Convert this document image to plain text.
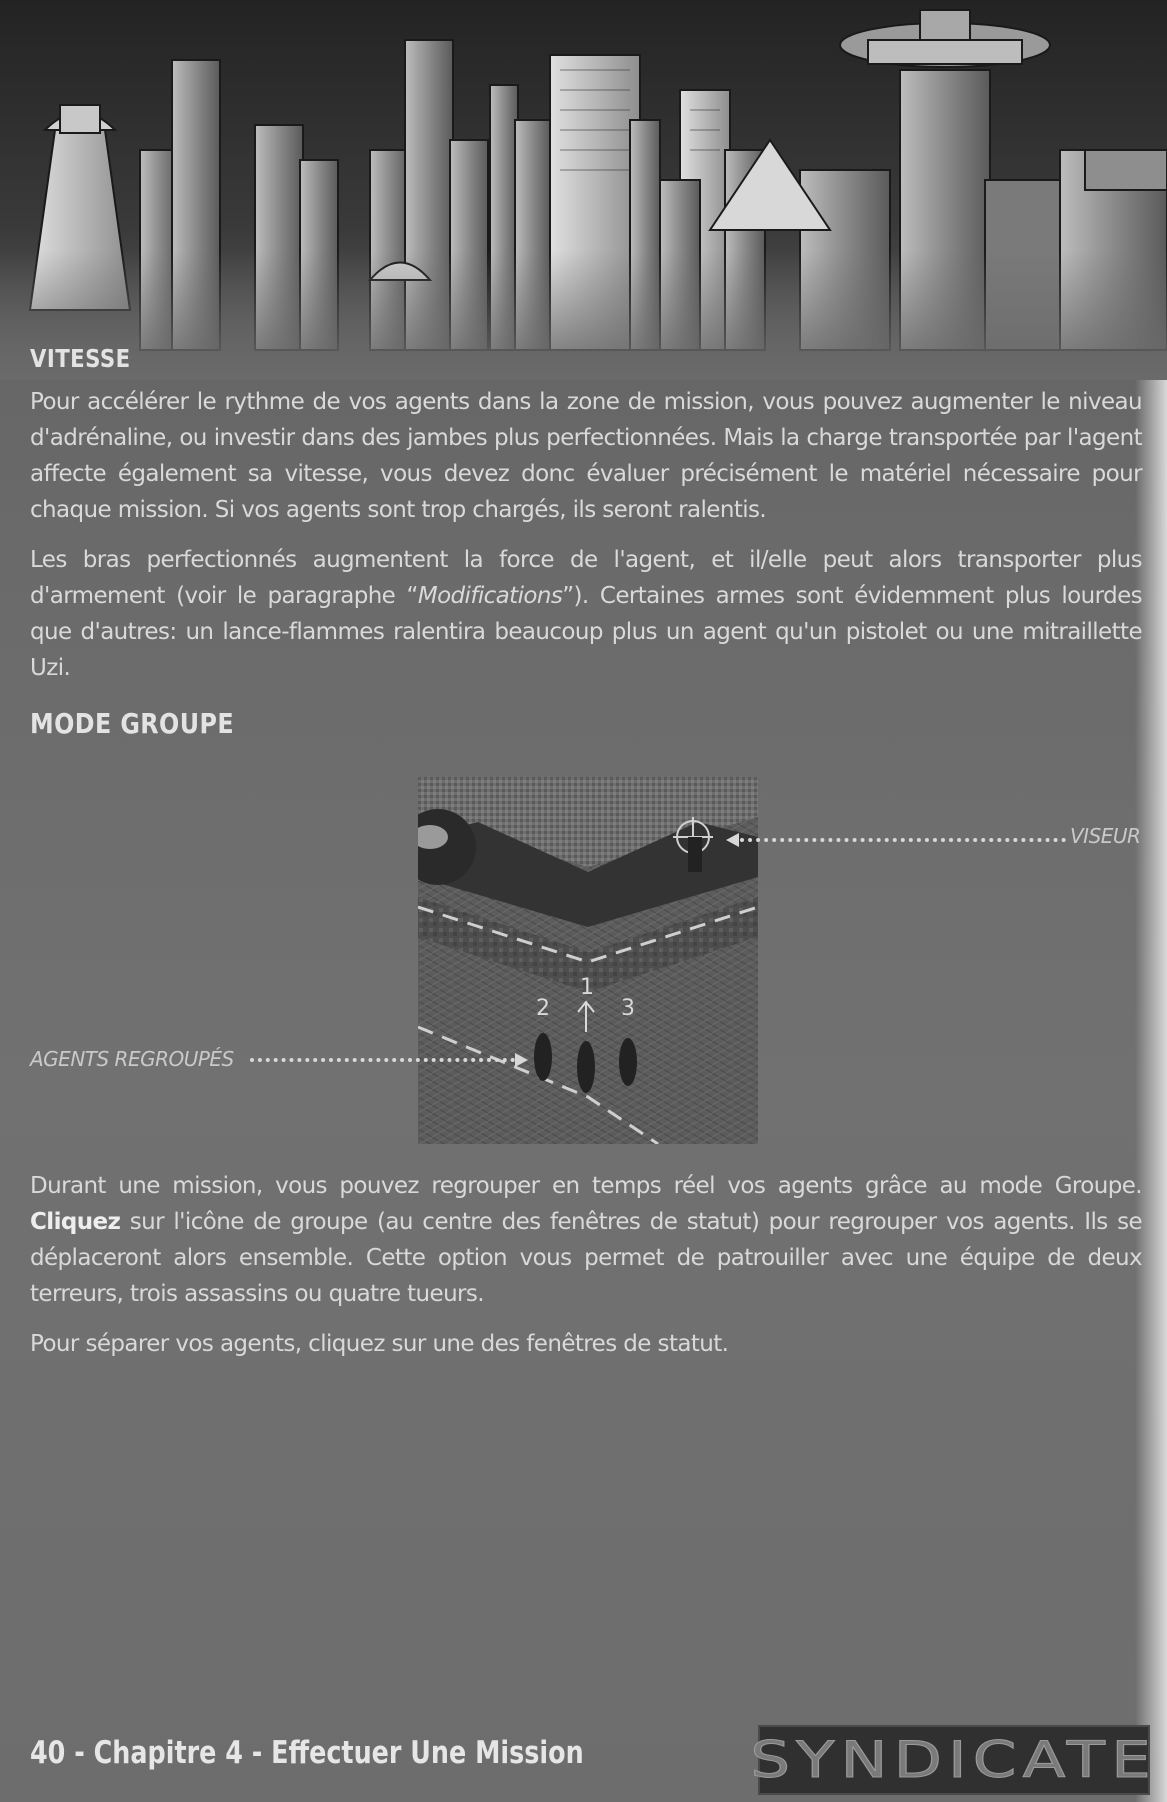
VITESSE

Pour accélérer le rythme de vos agents dans la zone de mission, vous pouvez augmenter le niveau d'adrénaline, ou investir dans des jambes plus perfectionnées. Mais la charge transportée par l'agent affecte également sa vitesse, vous devez donc évaluer précisément le matériel nécessaire pour chaque mission. Si vos agents sont trop chargés, ils seront ralentis.

Les bras perfectionnés augmentent la force de l'agent, et il/elle peut alors transporter plus d'armement (voir le paragraphe “Modifications”). Certaines armes sont évidemment plus lourdes que d'autres: un lance-flammes ralentira beaucoup plus un agent qu'un pistolet ou une mitraillette Uzi.

MODE GROUPE
1
2	3
VISEUR
AGENTS REGROUPÉS

Durant une mission, vous pouvez regrouper en temps réel vos agents grâce au mode Groupe. Cliquez sur l'icône de groupe (au centre des fenêtres de statut) pour regrouper vos agents. Ils se déplaceront alors ensemble. Cette option vous permet de patrouiller avec une équipe de deux terreurs, trois assassins ou quatre tueurs.

Pour séparer vos agents, cliquez sur une des fenêtres de statut.

40 - Chapitre 4 - Effectuer Une Mission	SYNDICATE
